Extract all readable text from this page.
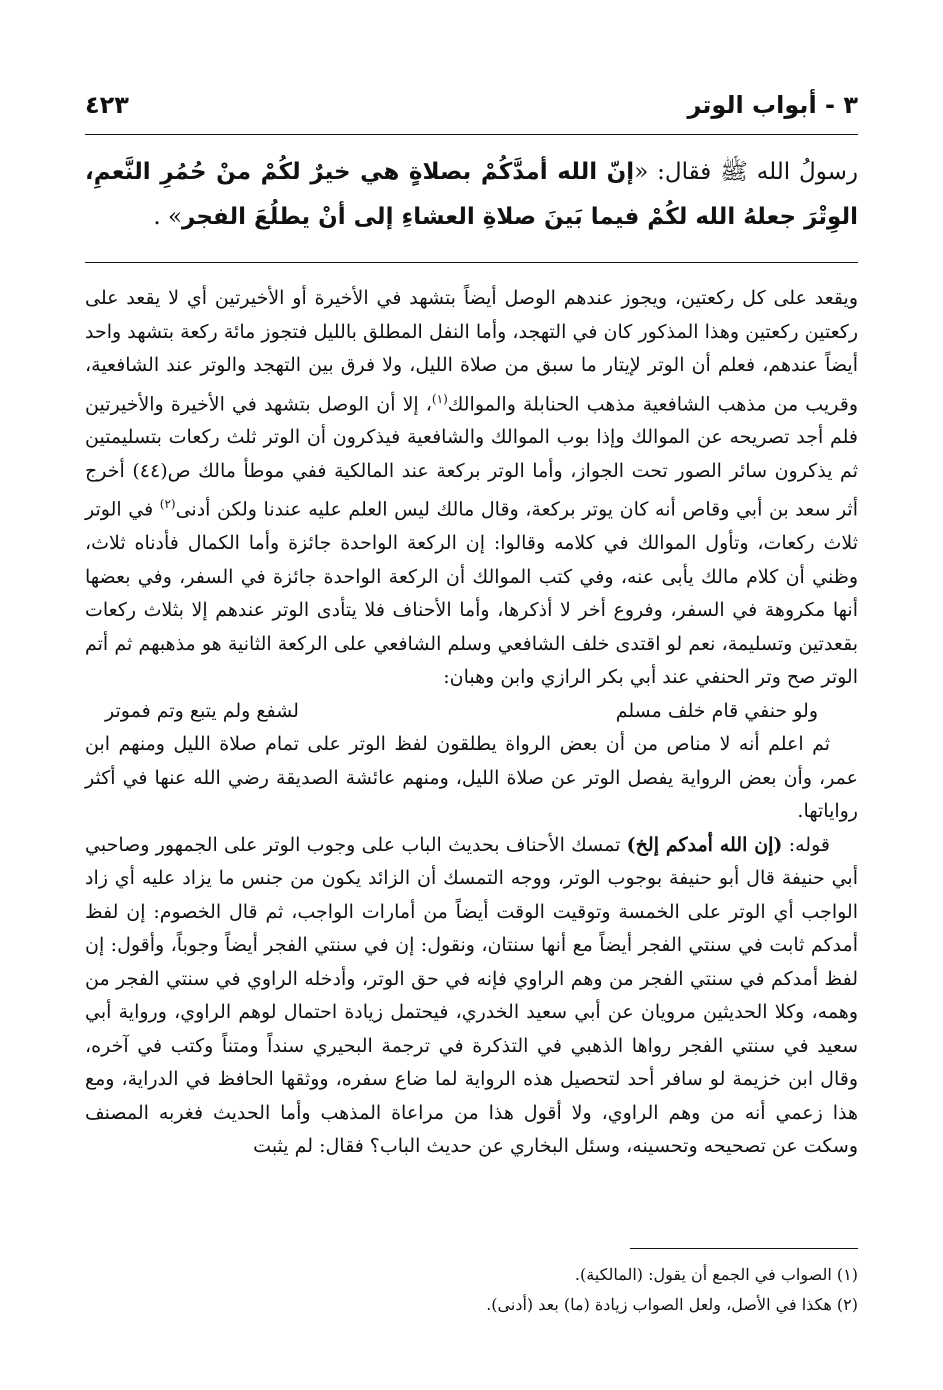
٣ - أبواب الوتر
٤٢٣
رسولُ الله ﷺ فقال: «إنّ الله أمدَّكُمْ بصلاةٍ هي خيرٌ لكُمْ منْ حُمُرِ النَّعمِ، الوِتْرَ جعلهُ الله لكُمْ فيما بَينَ صلاةِ العشاءِ إلى أنْ يطلُعَ الفجر» .

ويقعد على كل ركعتين، ويجوز عندهم الوصل أيضاً بتشهد في الأخيرة أو الأخيرتين أي لا يقعد على ركعتين ركعتين وهذا المذكور كان في التهجد، وأما النفل المطلق بالليل فتجوز مائة ركعة بتشهد واحد أيضاً عندهم، فعلم أن الوتر لإيتار ما سبق من صلاة الليل، ولا فرق بين التهجد والوتر عند الشافعية، وقريب من مذهب الشافعية مذهب الحنابلة والموالك$^{(١)}$، إلا أن الوصل بتشهد في الأخيرة والأخيرتين فلم أجد تصريحه عن الموالك وإذا بوب الموالك والشافعية فيذكرون أن الوتر ثلث ركعات بتسليمتين ثم يذكرون سائر الصور تحت الجواز، وأما الوتر بركعة عند المالكية ففي موطأ مالك ص(٤٤) أخرج أثر سعد بن أبي وقاص أنه كان يوتر بركعة، وقال مالك ليس العلم عليه عندنا ولكن أدنى$^{(٢)}$ في الوتر ثلاث ركعات، وتأول الموالك في كلامه وقالوا: إن الركعة الواحدة جائزة وأما الكمال فأدناه ثلاث، وظني أن كلام مالك يأبى عنه، وفي كتب الموالك أن الركعة الواحدة جائزة في السفر، وفي بعضها أنها مكروهة في السفر، وفروع أخر لا أذكرها، وأما الأحناف فلا يتأدى الوتر عندهم إلا بثلاث ركعات بقعدتين وتسليمة، نعم لو اقتدى خلف الشافعي وسلم الشافعي على الركعة الثانية هو مذهبهم ثم أتم الوتر صح وتر الحنفي عند أبي بكر الرازي وابن وهبان:

ولو حنفي قام خلف مسلم
لشفع ولم يتبع وتم فموتر

ثم اعلم أنه لا مناص من أن بعض الرواة يطلقون لفظ الوتر على تمام صلاة الليل ومنهم ابن عمر، وأن بعض الرواية يفصل الوتر عن صلاة الليل، ومنهم عائشة الصديقة رضي الله عنها في أكثر رواياتها.

قوله: (إن الله أمدكم إلخ) تمسك الأحناف بحديث الباب على وجوب الوتر على الجمهور وصاحبي أبي حنيفة قال أبو حنيفة بوجوب الوتر، ووجه التمسك أن الزائد يكون من جنس ما يزاد عليه أي زاد الواجب أي الوتر على الخمسة وتوقيت الوقت أيضاً من أمارات الواجب، ثم قال الخصوم: إن لفظ أمدكم ثابت في سنتي الفجر أيضاً مع أنها سنتان، ونقول: إن في سنتي الفجر أيضاً وجوباً، وأقول: إن لفظ أمدكم في سنتي الفجر من وهم الراوي فإنه في حق الوتر، وأدخله الراوي في سنتي الفجر من وهمه، وكلا الحديثين مرويان عن أبي سعيد الخدري، فيحتمل زيادة احتمال لوهم الراوي، ورواية أبي سعيد في سنتي الفجر رواها الذهبي في التذكرة في ترجمة البحيري سنداً ومتناً وكتب في آخره، وقال ابن خزيمة لو سافر أحد لتحصيل هذه الرواية لما ضاع سفره، ووثقها الحافظ في الدراية، ومع هذا زعمي أنه من وهم الراوي، ولا أقول هذا من مراعاة المذهب وأما الحديث فغربه المصنف وسكت عن تصحيحه وتحسينه، وسئل البخاري عن حديث الباب؟ فقال: لم يثبت

(١) الصواب في الجمع أن يقول: (المالكية).

(٢) هكذا في الأصل، ولعل الصواب زيادة (ما) بعد (أدنى).
